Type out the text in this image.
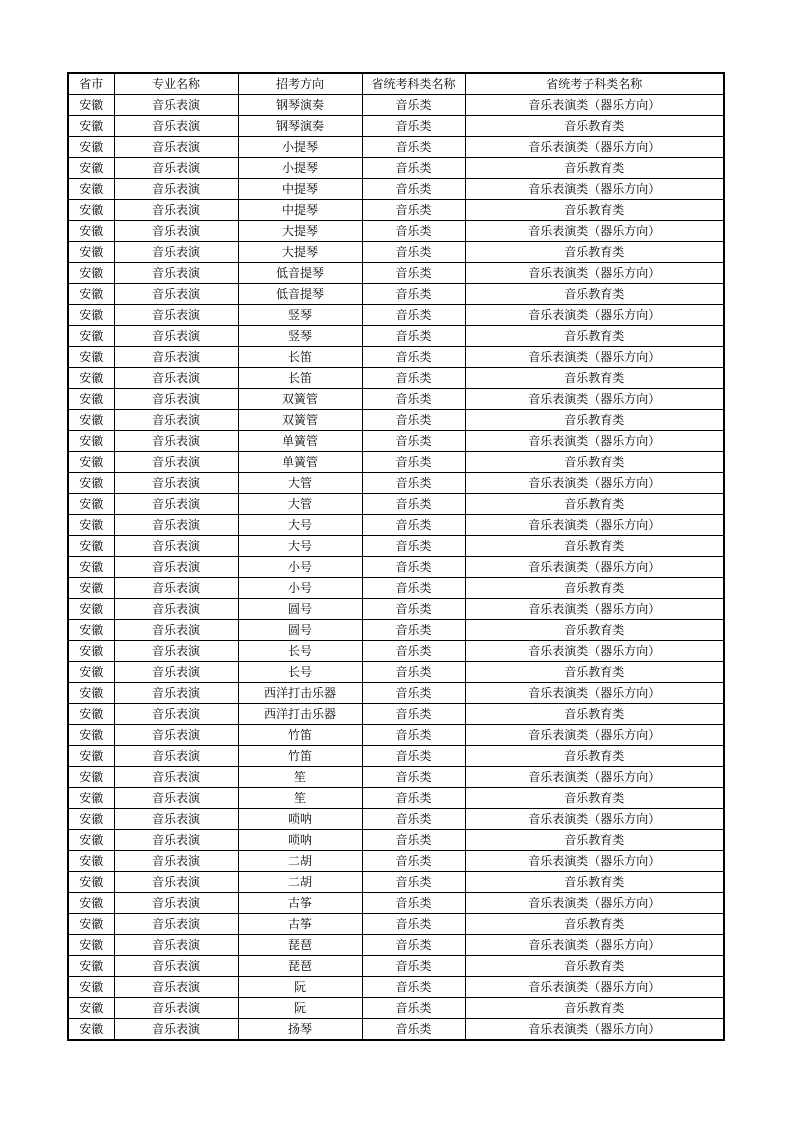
省市	专业名称	招考方向	省统考科类名称	省统考子科类名称
安徽	音乐表演	钢琴演奏	音乐类	音乐表演类（器乐方向）
安徽	音乐表演	钢琴演奏	音乐类	音乐教育类
安徽	音乐表演	小提琴	音乐类	音乐表演类（器乐方向）
安徽	音乐表演	小提琴	音乐类	音乐教育类
安徽	音乐表演	中提琴	音乐类	音乐表演类（器乐方向）
安徽	音乐表演	中提琴	音乐类	音乐教育类
安徽	音乐表演	大提琴	音乐类	音乐表演类（器乐方向）
安徽	音乐表演	大提琴	音乐类	音乐教育类
安徽	音乐表演	低音提琴	音乐类	音乐表演类（器乐方向）
安徽	音乐表演	低音提琴	音乐类	音乐教育类
安徽	音乐表演	竖琴	音乐类	音乐表演类（器乐方向）
安徽	音乐表演	竖琴	音乐类	音乐教育类
安徽	音乐表演	长笛	音乐类	音乐表演类（器乐方向）
安徽	音乐表演	长笛	音乐类	音乐教育类
安徽	音乐表演	双簧管	音乐类	音乐表演类（器乐方向）
安徽	音乐表演	双簧管	音乐类	音乐教育类
安徽	音乐表演	单簧管	音乐类	音乐表演类（器乐方向）
安徽	音乐表演	单簧管	音乐类	音乐教育类
安徽	音乐表演	大管	音乐类	音乐表演类（器乐方向）
安徽	音乐表演	大管	音乐类	音乐教育类
安徽	音乐表演	大号	音乐类	音乐表演类（器乐方向）
安徽	音乐表演	大号	音乐类	音乐教育类
安徽	音乐表演	小号	音乐类	音乐表演类（器乐方向）
安徽	音乐表演	小号	音乐类	音乐教育类
安徽	音乐表演	圆号	音乐类	音乐表演类（器乐方向）
安徽	音乐表演	圆号	音乐类	音乐教育类
安徽	音乐表演	长号	音乐类	音乐表演类（器乐方向）
安徽	音乐表演	长号	音乐类	音乐教育类
安徽	音乐表演	西洋打击乐器	音乐类	音乐表演类（器乐方向）
安徽	音乐表演	西洋打击乐器	音乐类	音乐教育类
安徽	音乐表演	竹笛	音乐类	音乐表演类（器乐方向）
安徽	音乐表演	竹笛	音乐类	音乐教育类
安徽	音乐表演	笙	音乐类	音乐表演类（器乐方向）
安徽	音乐表演	笙	音乐类	音乐教育类
安徽	音乐表演	唢呐	音乐类	音乐表演类（器乐方向）
安徽	音乐表演	唢呐	音乐类	音乐教育类
安徽	音乐表演	二胡	音乐类	音乐表演类（器乐方向）
安徽	音乐表演	二胡	音乐类	音乐教育类
安徽	音乐表演	古筝	音乐类	音乐表演类（器乐方向）
安徽	音乐表演	古筝	音乐类	音乐教育类
安徽	音乐表演	琵琶	音乐类	音乐表演类（器乐方向）
安徽	音乐表演	琵琶	音乐类	音乐教育类
安徽	音乐表演	阮	音乐类	音乐表演类（器乐方向）
安徽	音乐表演	阮	音乐类	音乐教育类
安徽	音乐表演	扬琴	音乐类	音乐表演类（器乐方向）
